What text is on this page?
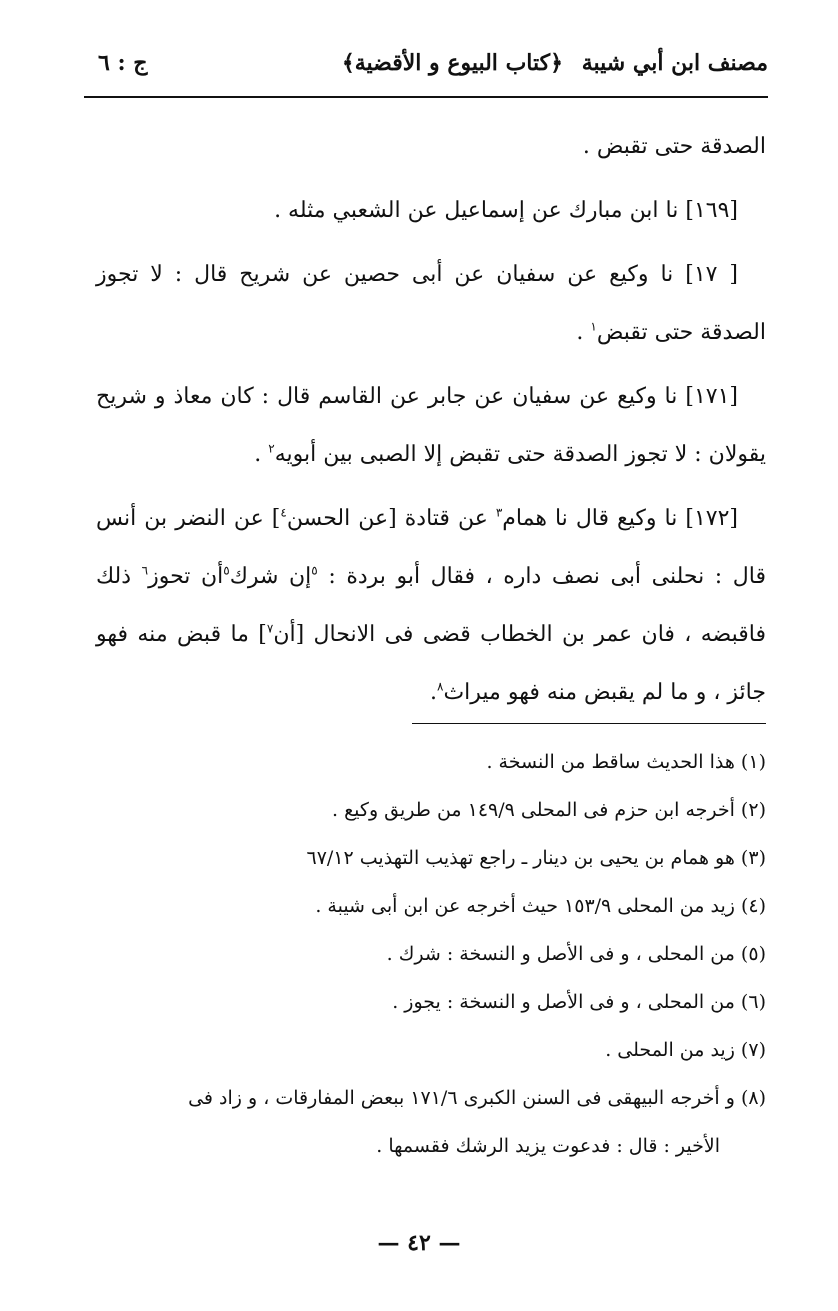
مصنف ابن أبي شيبة
﴿كتاب البيوع و الأقضية﴾
ج : ٦

الصدقة حتى تقبض .

[١٦٩] نا ابن مبارك عن إسماعيل عن الشعبي مثله .

[ ١٧] نا وكيع عن سفيان عن أبى حصين عن شريح قال : لا تجوز الصدقة حتى تقبض$^١$ .

[١٧١] نا وكيع عن سفيان عن جابر عن القاسم قال : كان معاذ و شريح يقولان : لا تجوز الصدقة حتى تقبض إلا الصبى بين أبويه$^٢$ .

[١٧٢] نا وكيع قال نا همام$^٣$ عن قتادة [عن الحسن$^٤$] عن النضر بن أنس قال : نحلنى أبى نصف داره ، فقال أبو بردة : $^٥$إن شرك$^٥$أن تحوز$^٦$ ذلك فاقبضه ، فان عمر بن الخطاب قضى فى الانحال [أن$^٧$] ما قبض منه فهو جائز ، و ما لم يقبض منه فهو ميراث$^٨$.

(١) هذا الحديث ساقط من النسخة .

(٢) أخرجه ابن حزم فى المحلى ١٤٩/٩ من طريق وكيع .

(٣) هو همام بن يحيى بن دينار ـ راجع تهذيب التهذيب ٦٧/١٢

(٤) زيد من المحلى ١٥٣/٩ حيث أخرجه عن ابن أبى شيبة .

(٥) من المحلى ، و فى الأصل و النسخة : شرك .

(٦) من المحلى ، و فى الأصل و النسخة : يجوز .

(٧) زيد من المحلى .

(٨) و أخرجه البيهقى فى السنن الكبرى ١٧١/٦ ببعض المفارقات ، و زاد فى

الأخير : قال : فدعوت يزيد الرشك فقسمها .

— ٤٢ —
